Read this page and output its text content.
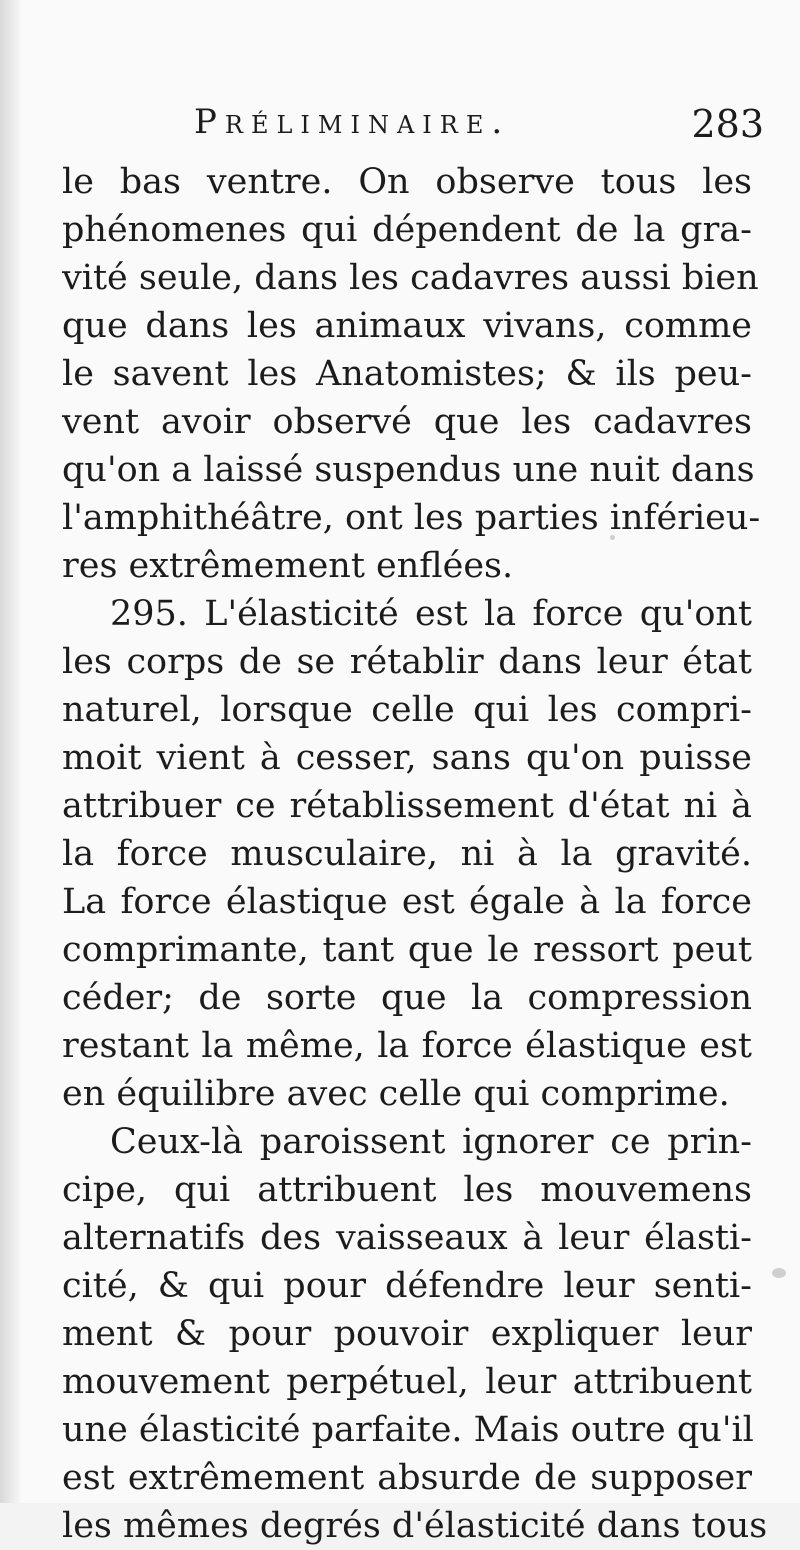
Préliminaire.	283
le bas ventre. On observe tous les
phénomenes qui dépendent de la gra-
vité seule, dans les cadavres aussi bien
que dans les animaux vivans, comme
le savent les Anatomistes; & ils peu-
vent avoir observé que les cadavres
qu'on a laissé suspendus une nuit dans
l'amphithéâtre, ont les parties inférieu-
res extrêmement enflées.
295. L'élasticité est la force qu'ont
les corps de se rétablir dans leur état
naturel, lorsque celle qui les compri-
moit vient à cesser, sans qu'on puisse
attribuer ce rétablissement d'état ni à
la force musculaire, ni à la gravité.
La force élastique est égale à la force
comprimante, tant que le ressort peut
céder; de sorte que la compression
restant la même, la force élastique est
en équilibre avec celle qui comprime.
Ceux-là paroissent ignorer ce prin-
cipe, qui attribuent les mouvemens
alternatifs des vaisseaux à leur élasti-
cité, & qui pour défendre leur senti-
ment & pour pouvoir expliquer leur
mouvement perpétuel, leur attribuent
une élasticité parfaite. Mais outre qu'il
est extrêmement absurde de supposer
les mêmes degrés d'élasticité dans tous
